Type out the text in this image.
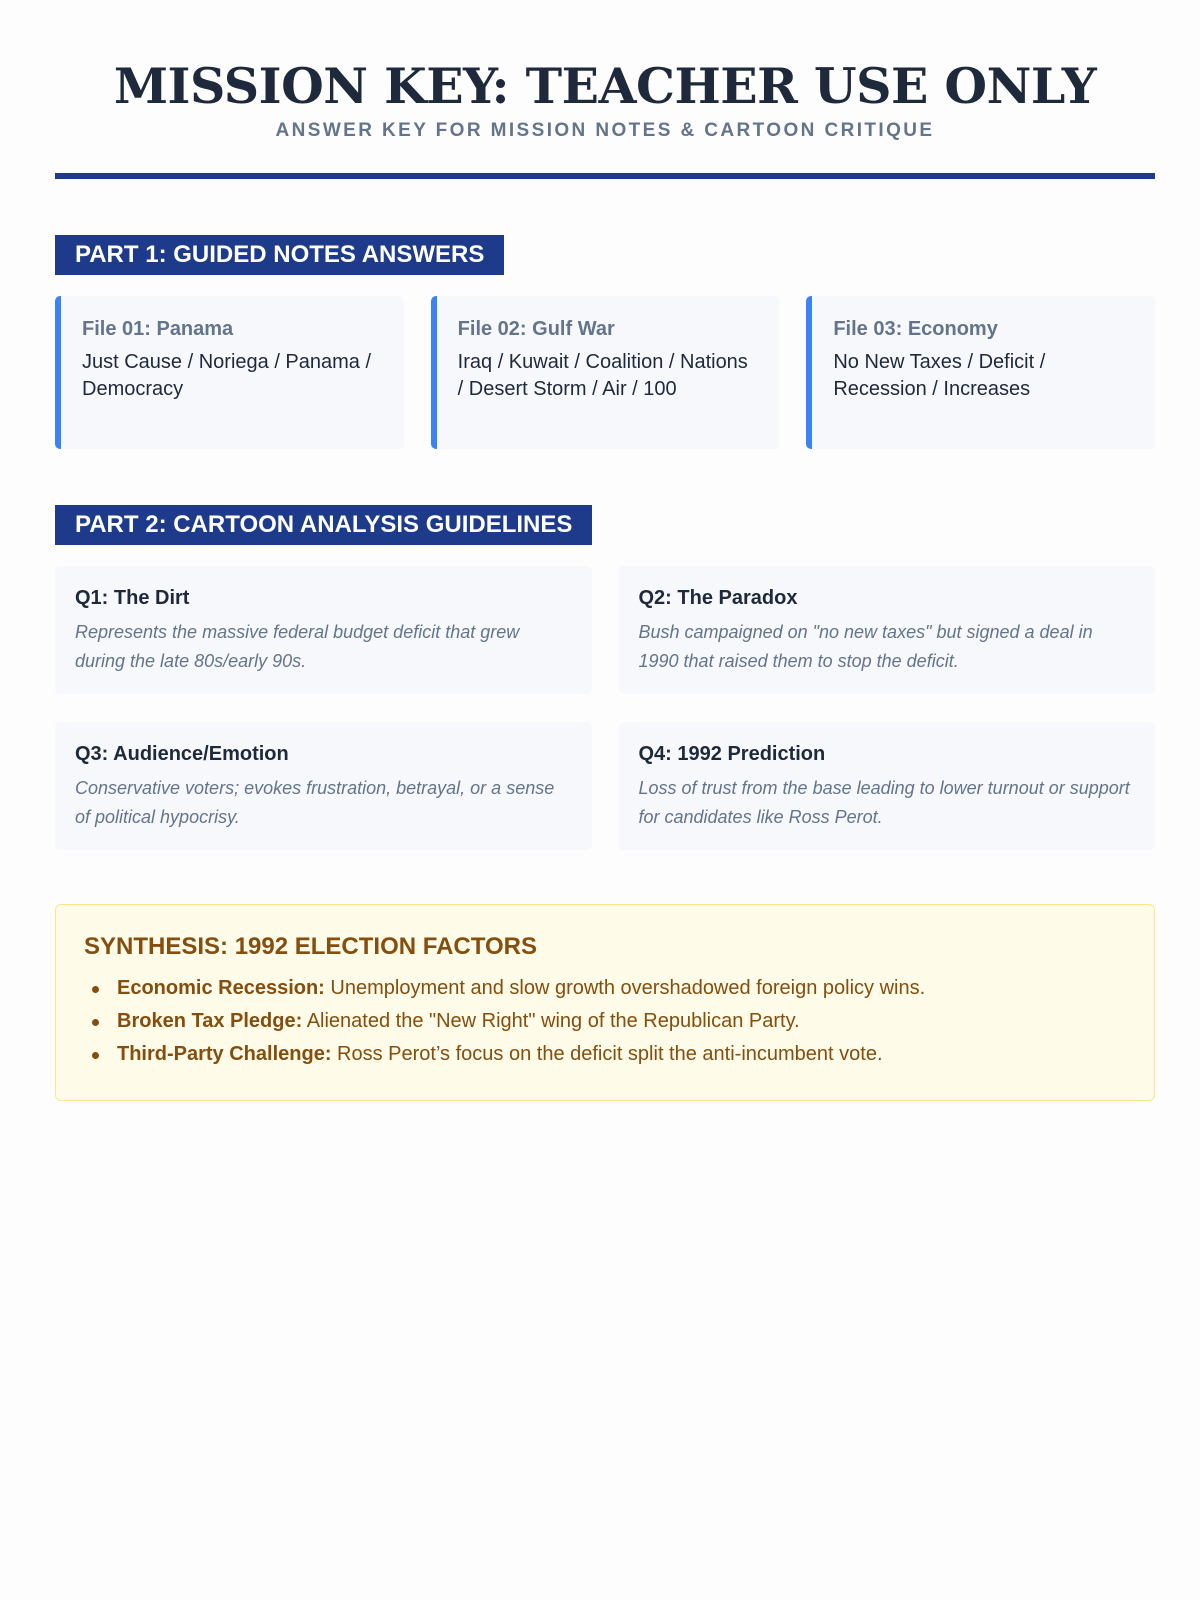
MISSION KEY: TEACHER USE ONLY
ANSWER KEY FOR MISSION NOTES & CARTOON CRITIQUE
PART 1: GUIDED NOTES ANSWERS
File 01: Panama
Just Cause / Noriega / Panama / Democracy
File 02: Gulf War
Iraq / Kuwait / Coalition / Nations / Desert Storm / Air / 100
File 03: Economy
No New Taxes / Deficit / Recession / Increases
PART 2: CARTOON ANALYSIS GUIDELINES
Q1: The Dirt
Represents the massive federal budget deficit that grew during the late 80s/early 90s.
Q2: The Paradox
Bush campaigned on "no new taxes" but signed a deal in 1990 that raised them to stop the deficit.
Q3: Audience/Emotion
Conservative voters; evokes frustration, betrayal, or a sense of political hypocrisy.
Q4: 1992 Prediction
Loss of trust from the base leading to lower turnout or support for candidates like Ross Perot.
SYNTHESIS: 1992 ELECTION FACTORS
Economic Recession: Unemployment and slow growth overshadowed foreign policy wins.
Broken Tax Pledge: Alienated the "New Right" wing of the Republican Party.
Third-Party Challenge: Ross Perot’s focus on the deficit split the anti-incumbent vote.
